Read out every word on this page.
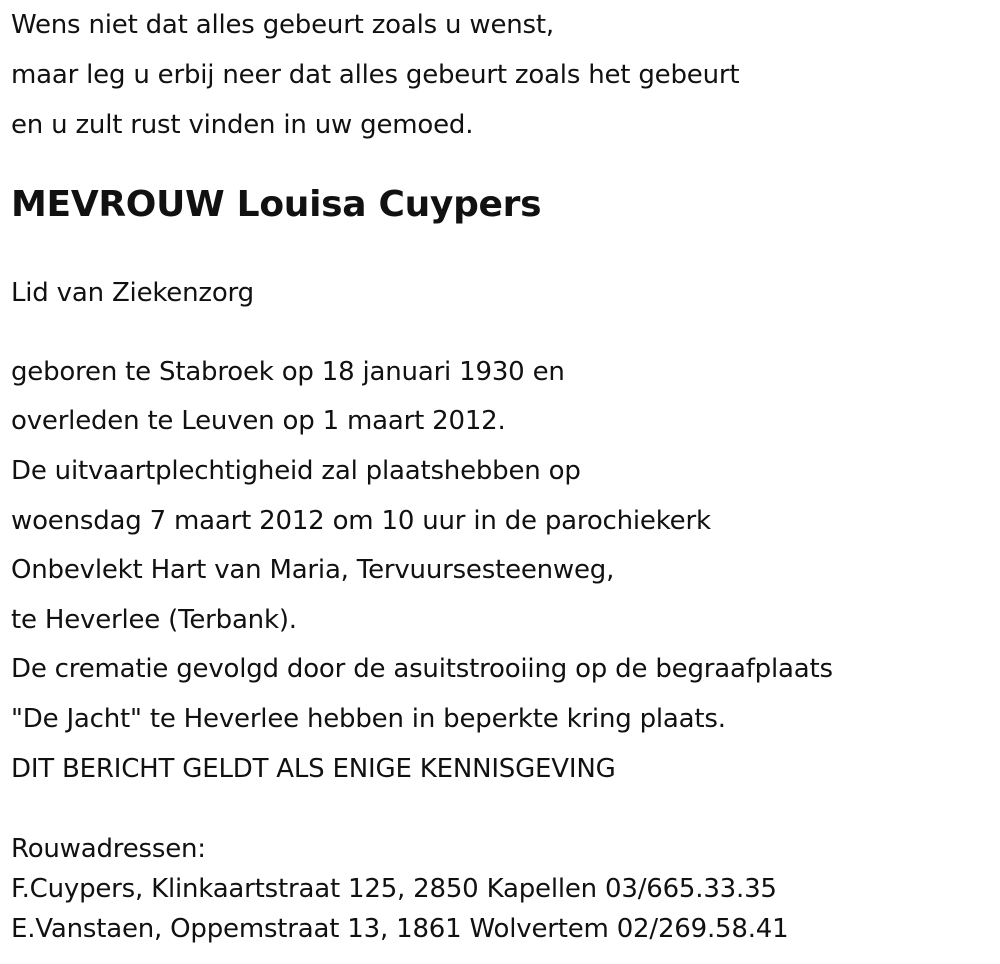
Wens niet dat alles gebeurt zoals u wenst,
maar leg u erbij neer dat alles gebeurt zoals het gebeurt
en u zult rust vinden in uw gemoed.
MEVROUW Louisa Cuypers
Lid van Ziekenzorg
geboren te Stabroek op 18 januari 1930 en
overleden te Leuven op 1 maart 2012.
De uitvaartplechtigheid zal plaatshebben op
woensdag 7 maart 2012 om 10 uur in de parochiekerk
Onbevlekt Hart van Maria, Tervuursesteenweg,
te Heverlee (Terbank).
De crematie gevolgd door de asuitstrooiing op de begraafplaats
"De Jacht" te Heverlee hebben in beperkte kring plaats.
DIT BERICHT GELDT ALS ENIGE KENNISGEVING
Rouwadressen:
F.Cuypers, Klinkaartstraat 125, 2850 Kapellen 03/665.33.35
E.Vanstaen, Oppemstraat 13, 1861 Wolvertem 02/269.58.41
